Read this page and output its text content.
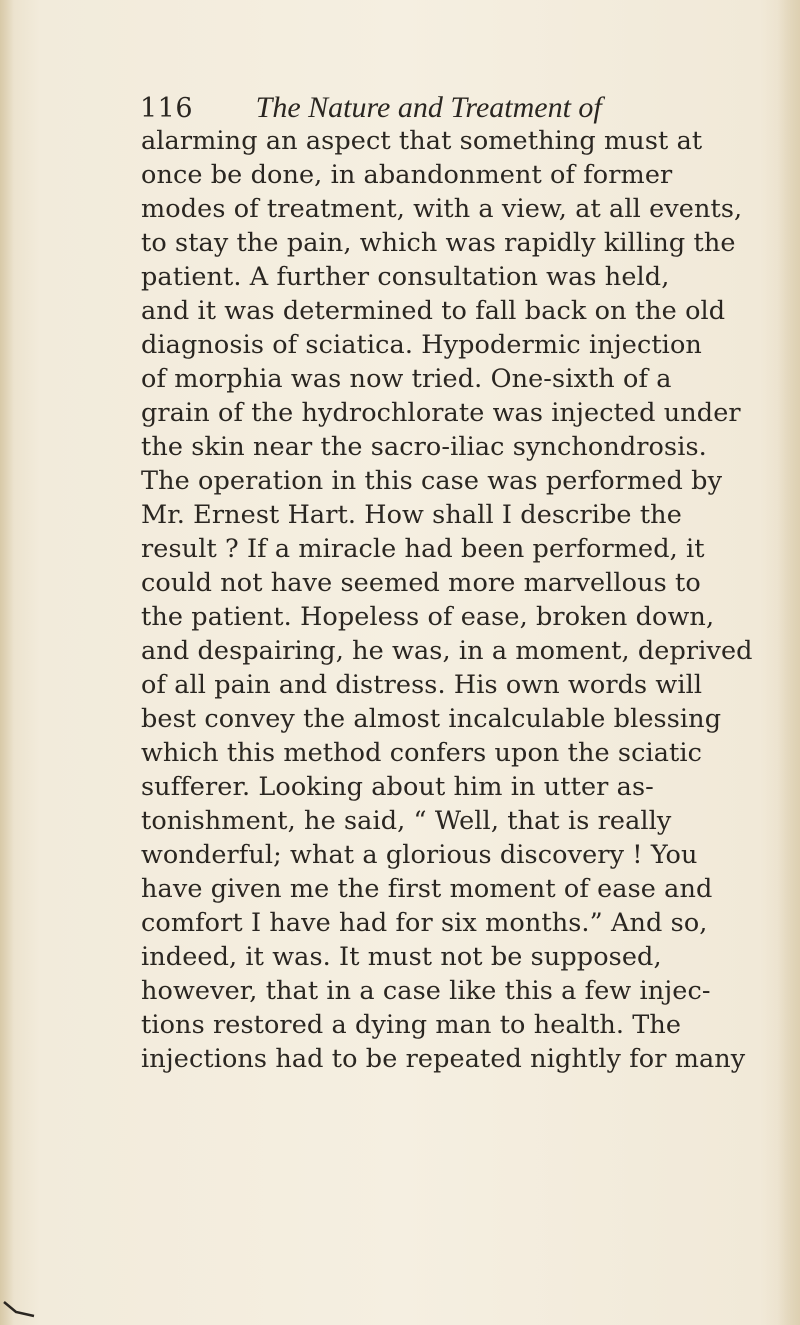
116 The Nature and Treatment of
alarming an aspect that something must at
once be done, in abandonment of former
modes of treatment, with a view, at all events,
to stay the pain, which was rapidly killing the
patient. A further consultation was held,
and it was determined to fall back on the old
diagnosis of sciatica. Hypodermic injection
of morphia was now tried. One-sixth of a
grain of the hydrochlorate was injected under
the skin near the sacro-iliac synchondrosis.
The operation in this case was performed by
Mr. Ernest Hart. How shall I describe the
result ? If a miracle had been performed, it
could not have seemed more marvellous to
the patient. Hopeless of ease, broken down,
and despairing, he was, in a moment, deprived
of all pain and distress. His own words will
best convey the almost incalculable blessing
which this method confers upon the sciatic
sufferer. Looking about him in utter as-
tonishment, he said, “ Well, that is really
wonderful; what a glorious discovery ! You
have given me the first moment of ease and
comfort I have had for six months.” And so,
indeed, it was. It must not be supposed,
however, that in a case like this a few injec-
tions restored a dying man to health. The
injections had to be repeated nightly for many
